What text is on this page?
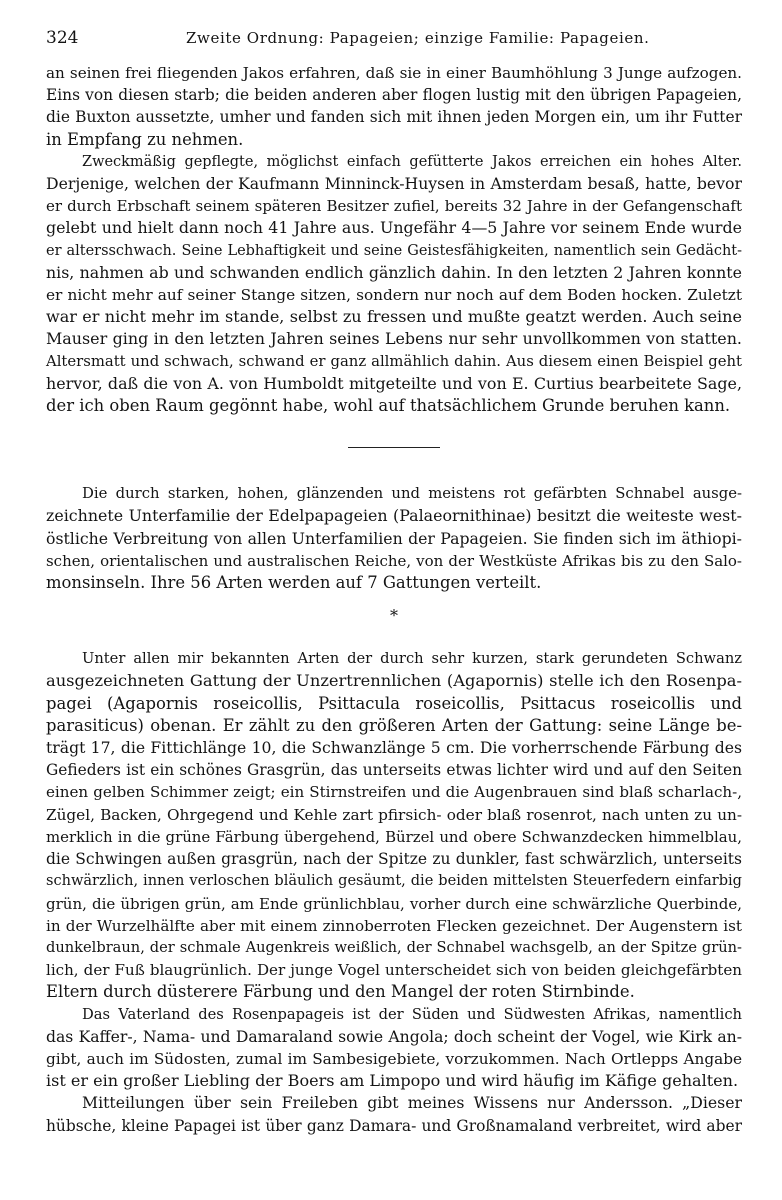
324	Zweite Ordnung: Papageien; einzige Familie: Papageien.

an seinen frei fliegenden Jakos erfahren, daß sie in einer Baumhöhlung 3 Junge aufzogen.
Eins von diesen starb; die beiden anderen aber flogen lustig mit den übrigen Papageien,
die Buxton aussetzte, umher und fanden sich mit ihnen jeden Morgen ein, um ihr Futter
in Empfang zu nehmen.

Zweckmäßig gepflegte, möglichst einfach gefütterte Jakos erreichen ein hohes Alter.
Derjenige, welchen der Kaufmann Minninck-Huysen in Amsterdam besaß, hatte, bevor
er durch Erbschaft seinem späteren Besitzer zufiel, bereits 32 Jahre in der Gefangenschaft
gelebt und hielt dann noch 41 Jahre aus. Ungefähr 4—5 Jahre vor seinem Ende wurde
er altersschwach. Seine Lebhaftigkeit und seine Geistesfähigkeiten, namentlich sein Gedächt-
nis, nahmen ab und schwanden endlich gänzlich dahin. In den letzten 2 Jahren konnte
er nicht mehr auf seiner Stange sitzen, sondern nur noch auf dem Boden hocken. Zuletzt
war er nicht mehr im stande, selbst zu fressen und mußte geatzt werden. Auch seine
Mauser ging in den letzten Jahren seines Lebens nur sehr unvollkommen von statten.
Altersmatt und schwach, schwand er ganz allmählich dahin. Aus diesem einen Beispiel geht
hervor, daß die von A. von Humboldt mitgeteilte und von E. Curtius bearbeitete Sage,
der ich oben Raum gegönnt habe, wohl auf thatsächlichem Grunde beruhen kann.

Die durch starken, hohen, glänzenden und meistens rot gefärbten Schnabel ausge-
zeichnete Unterfamilie der Edelpapageien (Palaeornithinae) besitzt die weiteste west-
östliche Verbreitung von allen Unterfamilien der Papageien. Sie finden sich im äthiopi-
schen, orientalischen und australischen Reiche, von der Westküste Afrikas bis zu den Salo-
monsinseln. Ihre 56 Arten werden auf 7 Gattungen verteilt.

*

Unter allen mir bekannten Arten der durch sehr kurzen, stark gerundeten Schwanz
ausgezeichneten Gattung der Unzertrennlichen (Agapornis) stelle ich den Rosenpa-
pagei (Agapornis roseicollis, Psittacula roseicollis, Psittacus roseicollis und
parasiticus) obenan. Er zählt zu den größeren Arten der Gattung: seine Länge be-
trägt 17, die Fittichlänge 10, die Schwanzlänge 5 cm. Die vorherrschende Färbung des
Gefieders ist ein schönes Grasgrün, das unterseits etwas lichter wird und auf den Seiten
einen gelben Schimmer zeigt; ein Stirnstreifen und die Augenbrauen sind blaß scharlach-,
Zügel, Backen, Ohrgegend und Kehle zart pfirsich- oder blaß rosenrot, nach unten zu un-
merklich in die grüne Färbung übergehend, Bürzel und obere Schwanzdecken himmelblau,
die Schwingen außen grasgrün, nach der Spitze zu dunkler, fast schwärzlich, unterseits
schwärzlich, innen verloschen bläulich gesäumt, die beiden mittelsten Steuerfedern einfarbig
grün, die übrigen grün, am Ende grünlichblau, vorher durch eine schwärzliche Querbinde,
in der Wurzelhälfte aber mit einem zinnoberroten Flecken gezeichnet. Der Augenstern ist
dunkelbraun, der schmale Augenkreis weißlich, der Schnabel wachsgelb, an der Spitze grün-
lich, der Fuß blaugrünlich. Der junge Vogel unterscheidet sich von beiden gleichgefärbten
Eltern durch düsterere Färbung und den Mangel der roten Stirnbinde.

Das Vaterland des Rosenpapageis ist der Süden und Südwesten Afrikas, namentlich
das Kaffer-, Nama- und Damaraland sowie Angola; doch scheint der Vogel, wie Kirk an-
gibt, auch im Südosten, zumal im Sambesigebiete, vorzukommen. Nach Ortlepps Angabe
ist er ein großer Liebling der Boers am Limpopo und wird häufig im Käfige gehalten.

Mitteilungen über sein Freileben gibt meines Wissens nur Andersson. „Dieser
hübsche, kleine Papagei ist über ganz Damara- und Großnamaland verbreitet, wird aber
